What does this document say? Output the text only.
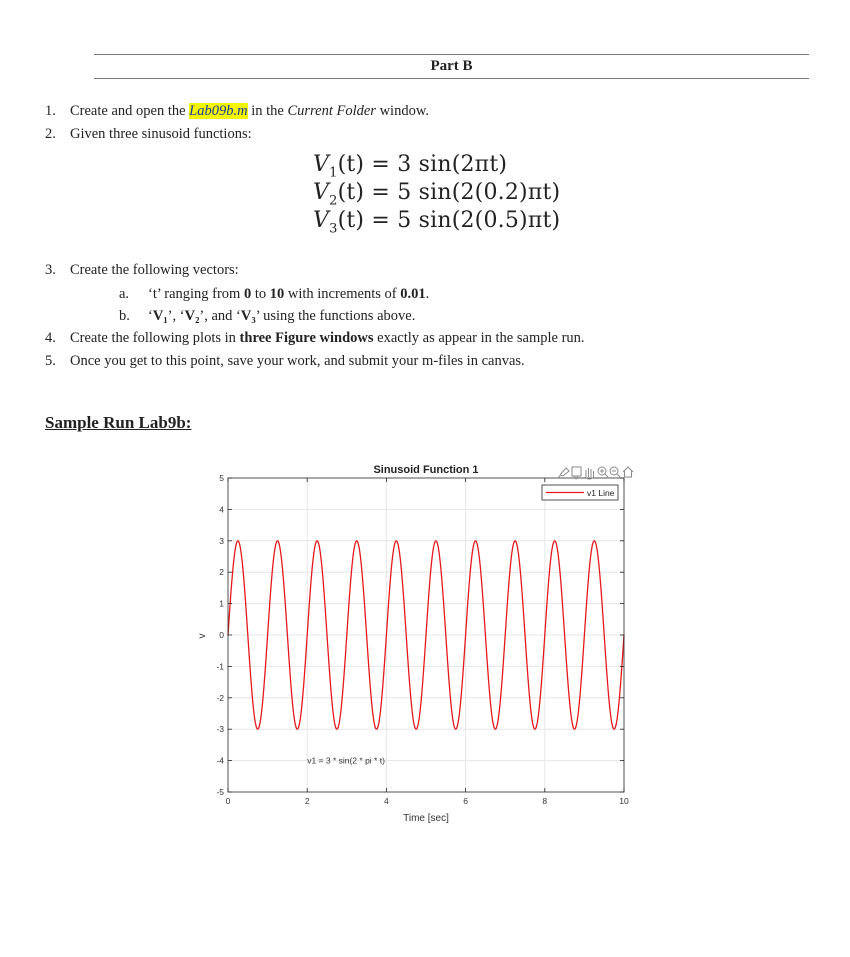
Part B
1. Create and open the Lab09b.m in the Current Folder window.
2. Given three sinusoid functions:
$V_1(t) = 3$ sin(2πt)
$V_2(t) = 5$ sin(2(0.2)πt)
$V_3(t) = 5$ sin(2(0.5)πt)
3. Create the following vectors:
a. ‘t’ ranging from 0 to 10 with increments of 0.01.
b. ‘V₁’, ‘V₂’, and ‘V₃’ using the functions above.
4. Create the following plots in three Figure windows exactly as appear in the sample run.
5. Once you get to this point, save your work, and submit your m-files in canvas.
Sample Run Lab9b:
0	2	4	6	8	10
5
4
3
2
1
0
-1
-2
-3
-4
-5
Sinusoid Function 1
Time [sec]
v
v1 = 3 * sin(2 * pi * t)
v1 Line
